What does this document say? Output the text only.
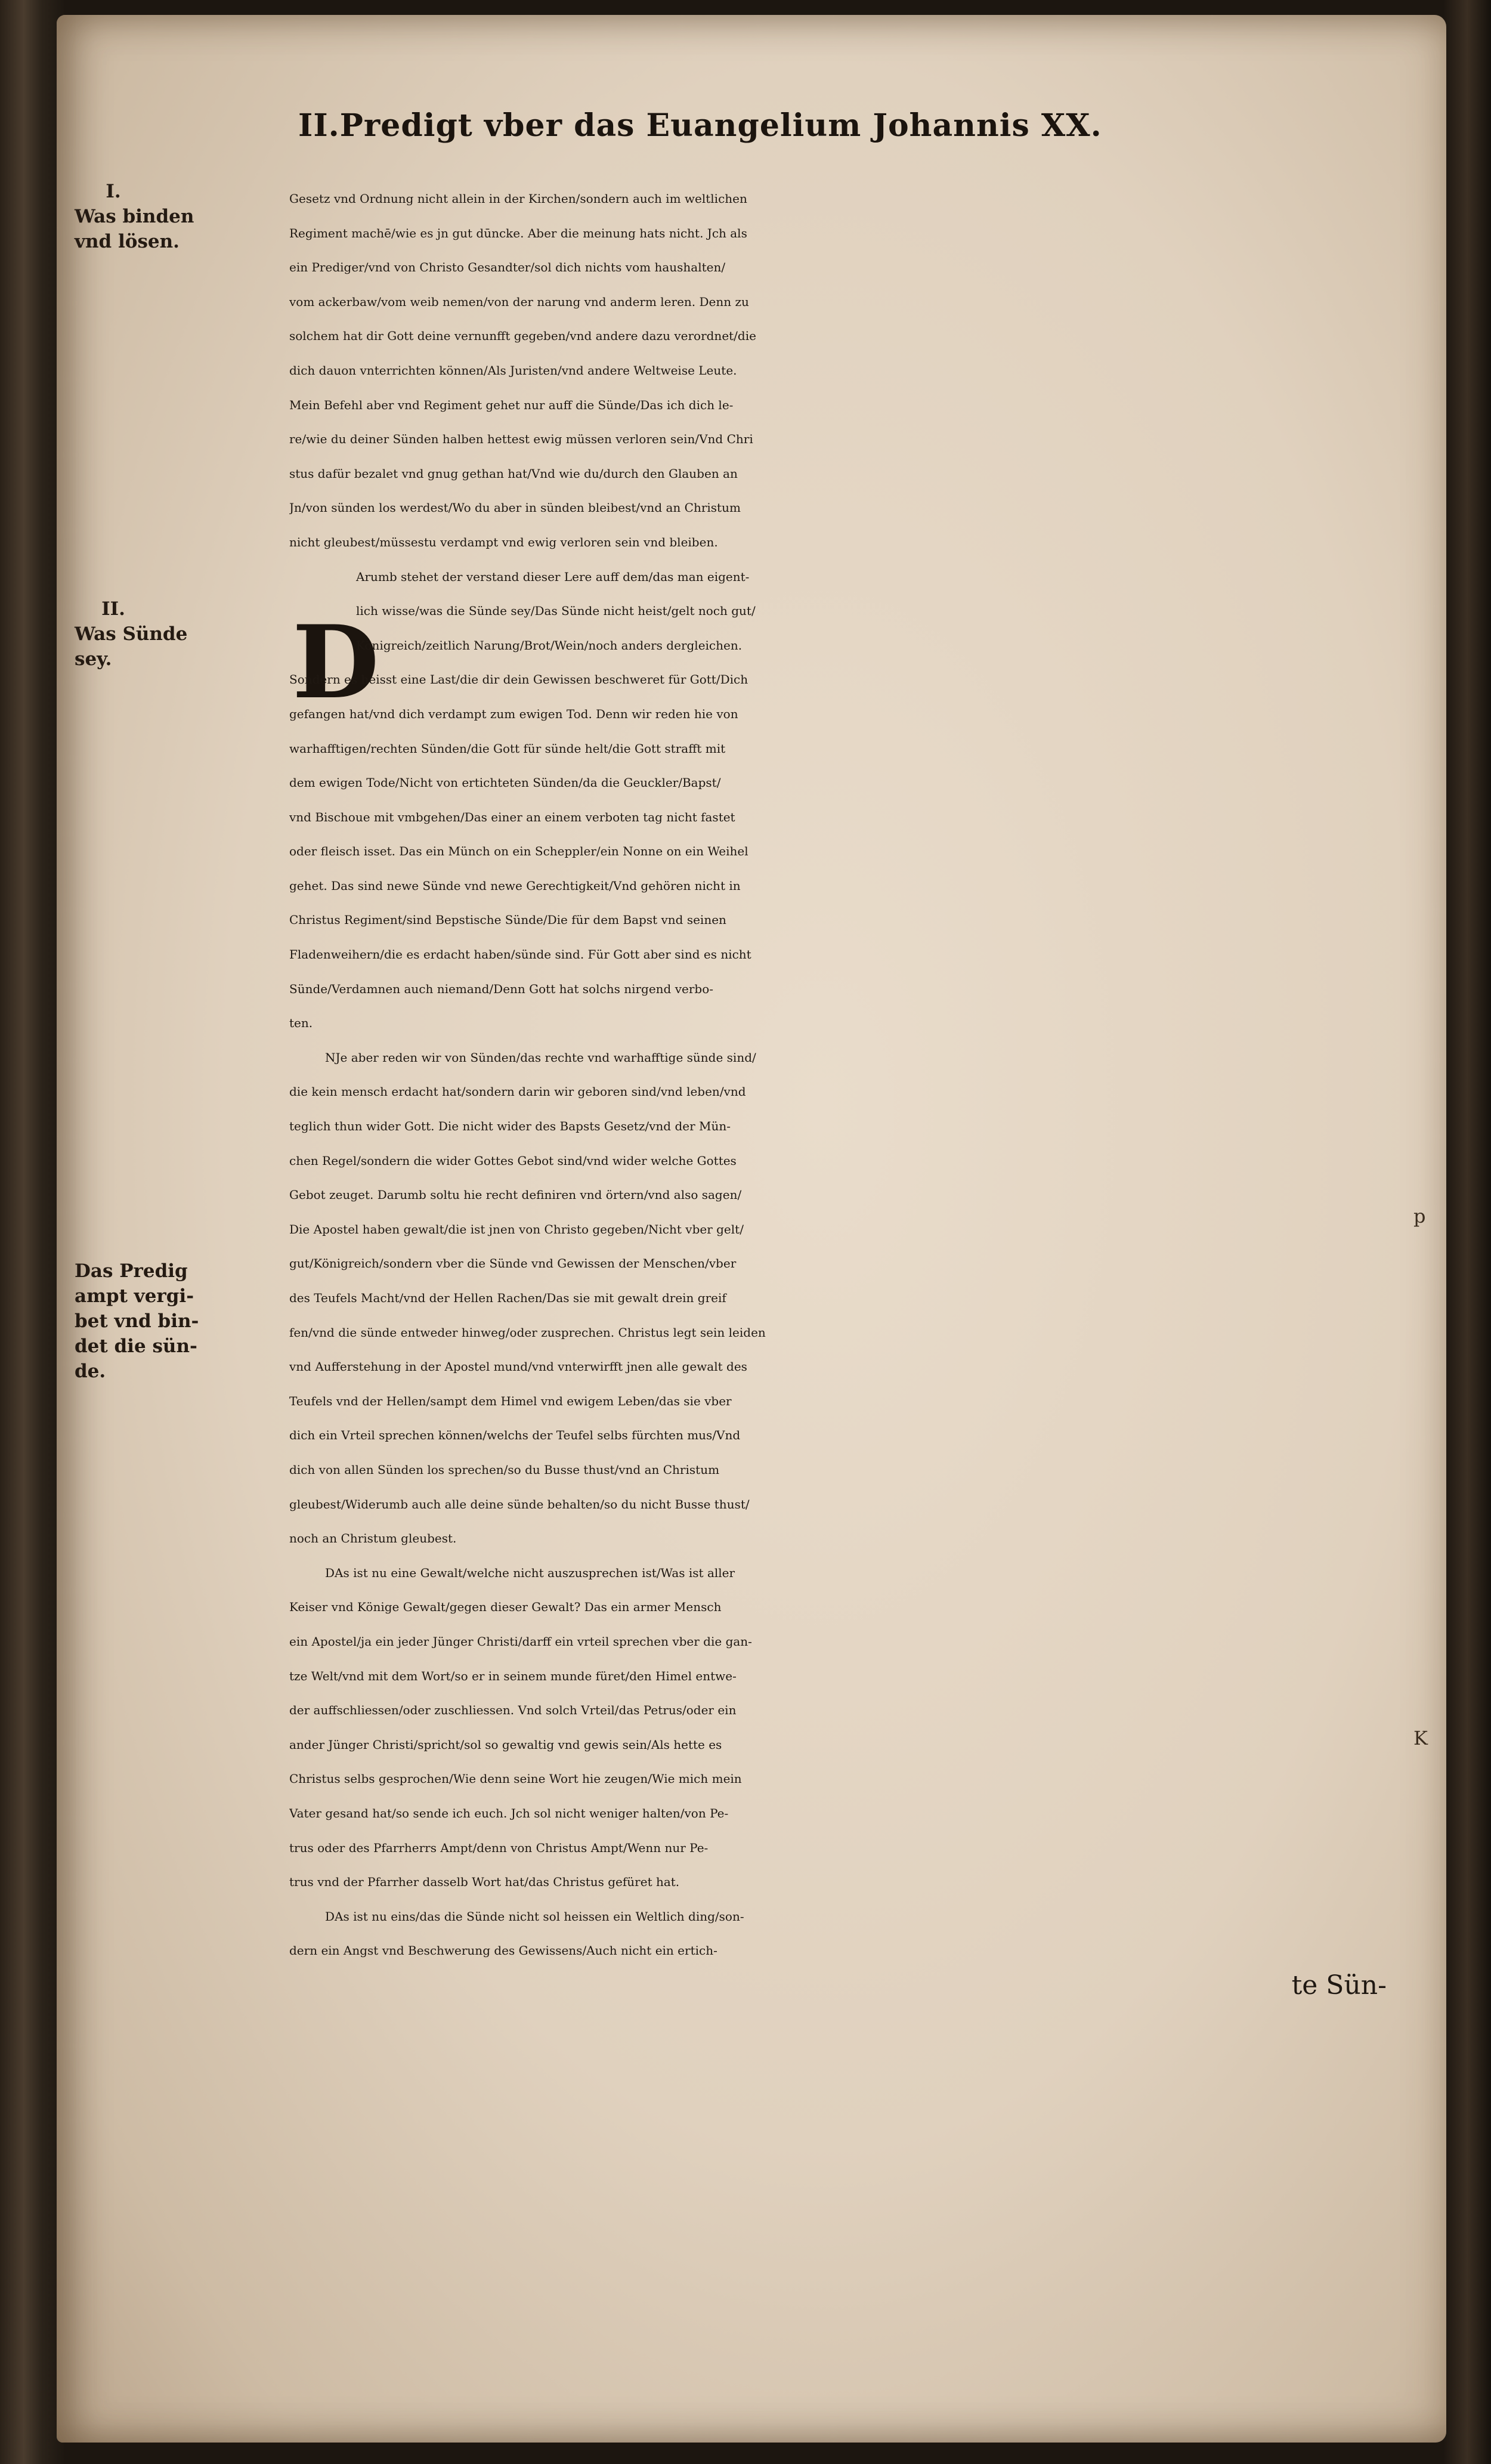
p
K
II.Predigt vber das Euangelium Johannis XX.
I.
Was binden
vnd lösen.
II.
Was Sünde
sey.
Das Predig
ampt vergi-
bet vnd bin-
det die sün-
de.
D
Gesetz vnd Ordnung nicht allein in der Kirchen/sondern auch im weltlichen
Regiment machē/wie es jn gut dūncke. Aber die meinung hats nicht. Jch als
ein Prediger/vnd von Christo Gesandter/sol dich nichts vom haushalten/
vom ackerbaw/vom weib nemen/von der narung vnd anderm leren. Denn zu
solchem hat dir Gott deine vernunfft gegeben/vnd andere dazu verordnet/die
dich dauon vnterrichten können/Als Juristen/vnd andere Weltweise Leute.
Mein Befehl aber vnd Regiment gehet nur auff die Sünde/Das ich dich le-
re/wie du deiner Sünden halben hettest ewig müssen verloren sein/Vnd Chri
stus dafür bezalet vnd gnug gethan hat/Vnd wie du/durch den Glauben an
Jn/von sünden los werdest/Wo du aber in sünden bleibest/vnd an Christum
nicht gleubest/müssestu verdampt vnd ewig verloren sein vnd bleiben.
Arumb stehet der verstand dieser Lere auff dem/das man eigent-
lich wisse/was die Sünde sey/Das Sünde nicht heist/gelt noch gut/
Königreich/zeitlich Narung/Brot/Wein/noch anders dergleichen.
Sondern es heisst eine Last/die dir dein Gewissen beschweret für Gott/Dich
gefangen hat/vnd dich verdampt zum ewigen Tod. Denn wir reden hie von
warhafftigen/rechten Sünden/die Gott für sünde helt/die Gott strafft mit
dem ewigen Tode/Nicht von ertichteten Sünden/da die Geuckler/Bapst/
vnd Bischoue mit vmbgehen/Das einer an einem verboten tag nicht fastet
oder fleisch isset. Das ein Münch on ein Scheppler/ein Nonne on ein Weihel
gehet. Das sind newe Sünde vnd newe Gerechtigkeit/Vnd gehören nicht in
Christus Regiment/sind Bepstische Sünde/Die für dem Bapst vnd seinen
Fladenweihern/die es erdacht haben/sünde sind. Für Gott aber sind es nicht
Sünde/Verdamnen auch niemand/Denn Gott hat solchs nirgend verbo-
ten.
NJe aber reden wir von Sünden/das rechte vnd warhafftige sünde sind/
die kein mensch erdacht hat/sondern darin wir geboren sind/vnd leben/vnd
teglich thun wider Gott. Die nicht wider des Bapsts Gesetz/vnd der Mün-
chen Regel/sondern die wider Gottes Gebot sind/vnd wider welche Gottes
Gebot zeuget. Darumb soltu hie recht definiren vnd örtern/vnd also sagen/
Die Apostel haben gewalt/die ist jnen von Christo gegeben/Nicht vber gelt/
gut/Königreich/sondern vber die Sünde vnd Gewissen der Menschen/vber
des Teufels Macht/vnd der Hellen Rachen/Das sie mit gewalt drein greif
fen/vnd die sünde entweder hinweg/oder zusprechen. Christus legt sein leiden
vnd Aufferstehung in der Apostel mund/vnd vnterwirfft jnen alle gewalt des
Teufels vnd der Hellen/sampt dem Himel vnd ewigem Leben/das sie vber
dich ein Vrteil sprechen können/welchs der Teufel selbs fürchten mus/Vnd
dich von allen Sünden los sprechen/so du Busse thust/vnd an Christum
gleubest/Widerumb auch alle deine sünde behalten/so du nicht Busse thust/
noch an Christum gleubest.
DAs ist nu eine Gewalt/welche nicht auszusprechen ist/Was ist aller
Keiser vnd Könige Gewalt/gegen dieser Gewalt? Das ein armer Mensch
ein Apostel/ja ein jeder Jünger Christi/darff ein vrteil sprechen vber die gan-
tze Welt/vnd mit dem Wort/so er in seinem munde füret/den Himel entwe-
der auffschliessen/oder zuschliessen. Vnd solch Vrteil/das Petrus/oder ein
ander Jünger Christi/spricht/sol so gewaltig vnd gewis sein/Als hette es
Christus selbs gesprochen/Wie denn seine Wort hie zeugen/Wie mich mein
Vater gesand hat/so sende ich euch. Jch sol nicht weniger halten/von Pe-
trus oder des Pfarrherrs Ampt/denn von Christus Ampt/Wenn nur Pe-
trus vnd der Pfarrher dasselb Wort hat/das Christus gefüret hat.
DAs ist nu eins/das die Sünde nicht sol heissen ein Weltlich ding/son-
dern ein Angst vnd Beschwerung des Gewissens/Auch nicht ein ertich-
te Sün-
